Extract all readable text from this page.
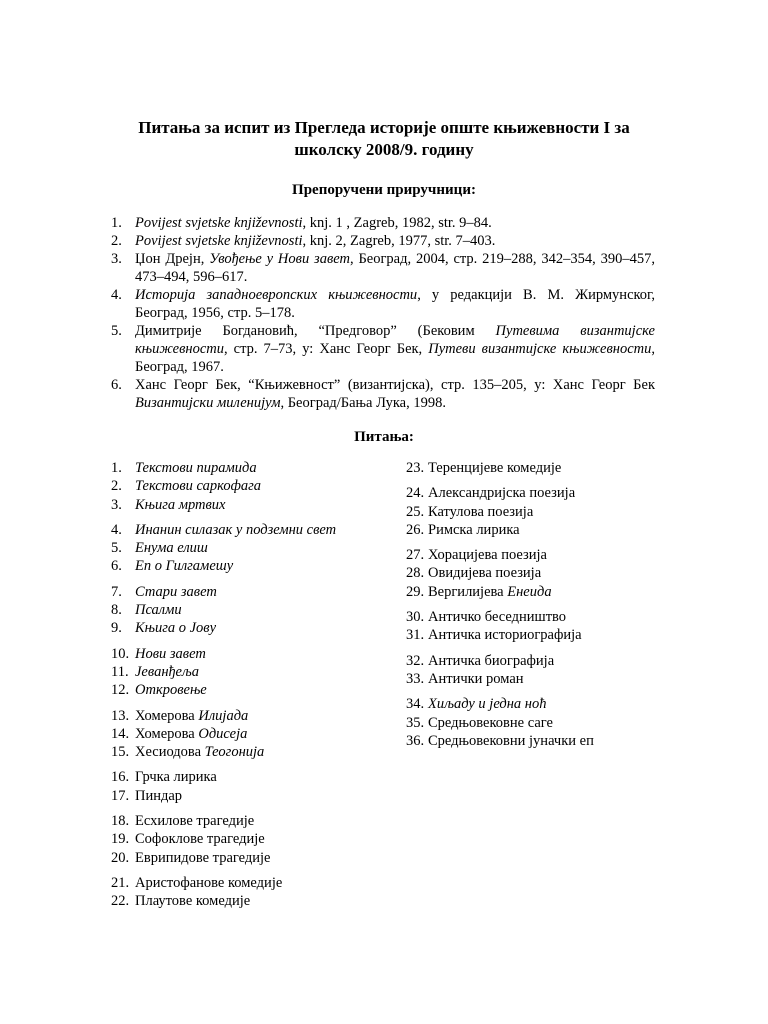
Питања за испит из Прегледа историје опште књижевности I за
школску 2008/9. годину
Препоручени приручници:
1. Povijest svjetske književnosti, knj. 1 , Zagreb, 1982, str. 9–84.
2. Povijest svjetske književnosti, knj. 2, Zagreb, 1977, str. 7–403.
3. Џон Дрејн, Увођење у Нови завет, Београд, 2004, стр. 219–288, 342–354, 390–457, 473–494, 596–617.
4. Историја западноевропских књижевности, у редакцији В. М. Жирмунског, Београд, 1956, стр. 5–178.
5. Димитрије Богдановић, “Предговор” (Бековим Путевима византијске књижевности, стр. 7–73, у: Ханс Георг Бек, Путеви византијске књижевности, Београд, 1967.
6. Ханс Георг Бек, “Књижевност” (византијска), стр. 135–205, у: Ханс Георг Бек Византијски миленијум, Београд/Бања Лука, 1998.
Питања:
1. Текстови пирамида
2. Текстови саркофага
3. Књига мртвих
4. Инанин силазак у подземни свет
5. Енума елиш
6. Еп о Гилгамешу
7. Стари завет
8. Псалми
9. Књига о Јову
10. Нови завет
11. Јеванђеља
12. Откровење
13. Хомерова Илијада
14. Хомерова Одисеја
15. Хесиодова Теогонија
16. Грчка лирика
17. Пиндар
18. Есхилове трагедије
19. Софоклове трагедије
20. Еврипидове трагедије
21. Аристофанове комедије
22. Плаутове комедије
23. Теренцијеве комедије
24. Александријска поезија
25. Катулова поезија
26. Римска лирика
27. Хорацијева поезија
28. Овидијева поезија
29. Вергилијева Енеида
30. Античко беседништво
31. Античка историографија
32. Античка биографија
33. Антички роман
34. Хиљаду и једна ноћ
35. Средњовековне саге
36. Средњовековни јуначки еп
